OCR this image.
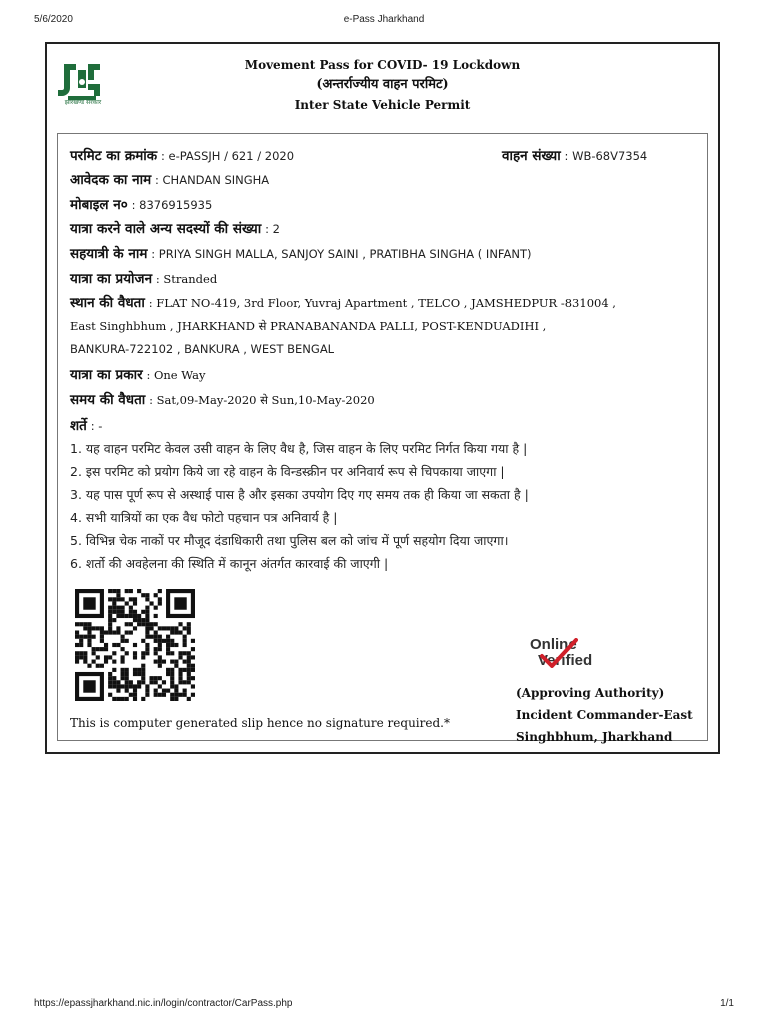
5/6/2020	e-Pass Jharkhand
झारखण्ड सरकार
Movement Pass for COVID- 19 Lockdown
(अन्तर्राज्यीय वाहन परमिट)
Inter State Vehicle Permit
परमिट का क्रमांक : e-PASSJH / 621 / 2020	वाहन संख्या : WB-68V7354
आवेदक का नाम : CHANDAN SINGHA
मोबाइल न० : 8376915935
यात्रा करने वाले अन्य सदस्यों की संख्या : 2
सहयात्री के नाम : PRIYA SINGH MALLA, SANJOY SAINI , PRATIBHA SINGHA ( INFANT)
यात्रा का प्रयोजन : Stranded
स्थान की वैधता : FLAT NO-419, 3rd Floor, Yuvraj Apartment , TELCO , JAMSHEDPUR -831004 ,
East Singhbhum , JHARKHAND से PRANABANANDA PALLI, POST-KENDUADIHI ,
BANKURA-722102 , BANKURA , WEST BENGAL
यात्रा का प्रकार : One Way
समय की वैधता : Sat,09-May-2020 से Sun,10-May-2020
शर्ते : -
1. यह वाहन परमिट केवल उसी वाहन के लिए वैध है, जिस वाहन के लिए परमिट निर्गत किया गया है |
2. इस परमिट को प्रयोग किये जा रहे वाहन के विन्डस्क्रीन पर अनिवार्य रूप से चिपकाया जाएगा |
3. यह पास पूर्ण रूप से अस्थाई पास है और इसका उपयोग दिए गए समय तक ही किया जा सकता है |
4. सभी यात्रियों का एक वैध फोटो पहचान पत्र अनिवार्य है |
5. विभिन्न चेक नाकों पर मौजूद दंडाधिकारी तथा पुलिस बल को जांच में पूर्ण सहयोग दिया जाएगा।
6. शर्तो की अवहेलना की स्थिति में कानून अंतर्गत कारवाई की जाएगी |
Online
Verified
(Approving Authority)
Incident Commander-East
Singhbhum, Jharkhand
This is computer generated slip hence no signature required.*
https://epassjharkhand.nic.in/login/contractor/CarPass.php	1/1
